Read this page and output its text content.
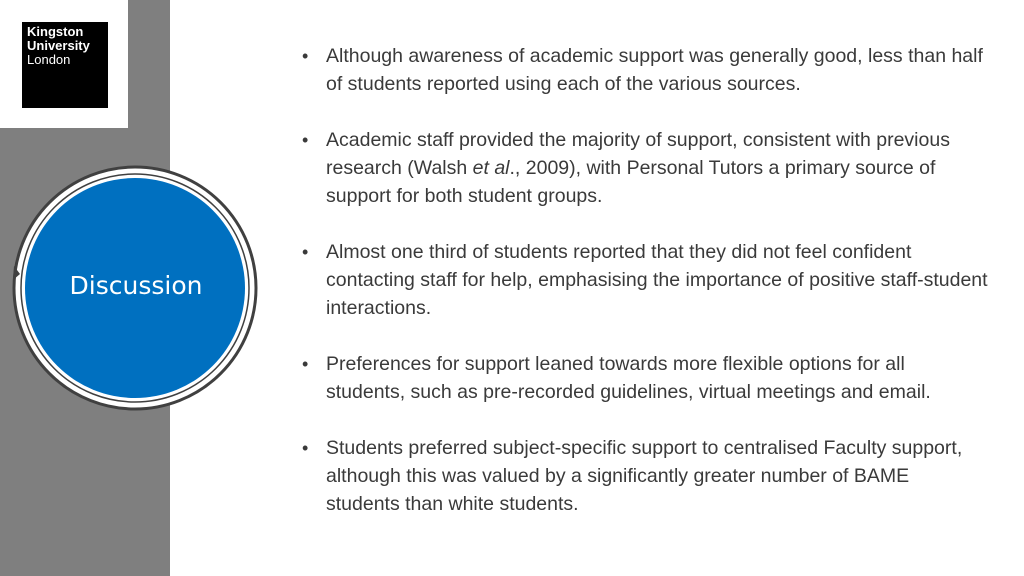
Kingston
University
London
Discussion
• Although awareness of academic support was generally good, less than half of students reported using each of the various sources.
• Academic staff provided the majority of support, consistent with previous research (Walsh et al., 2009), with Personal Tutors a primary source of support for both student groups.
• Almost one third of students reported that they did not feel confident contacting staff for help, emphasising the importance of positive staff-student interactions.
• Preferences for support leaned towards more flexible options for all students, such as pre-recorded guidelines, virtual meetings and email.
• Students preferred subject-specific support to centralised Faculty support, although this was valued by a significantly greater number of BAME students than white students.
